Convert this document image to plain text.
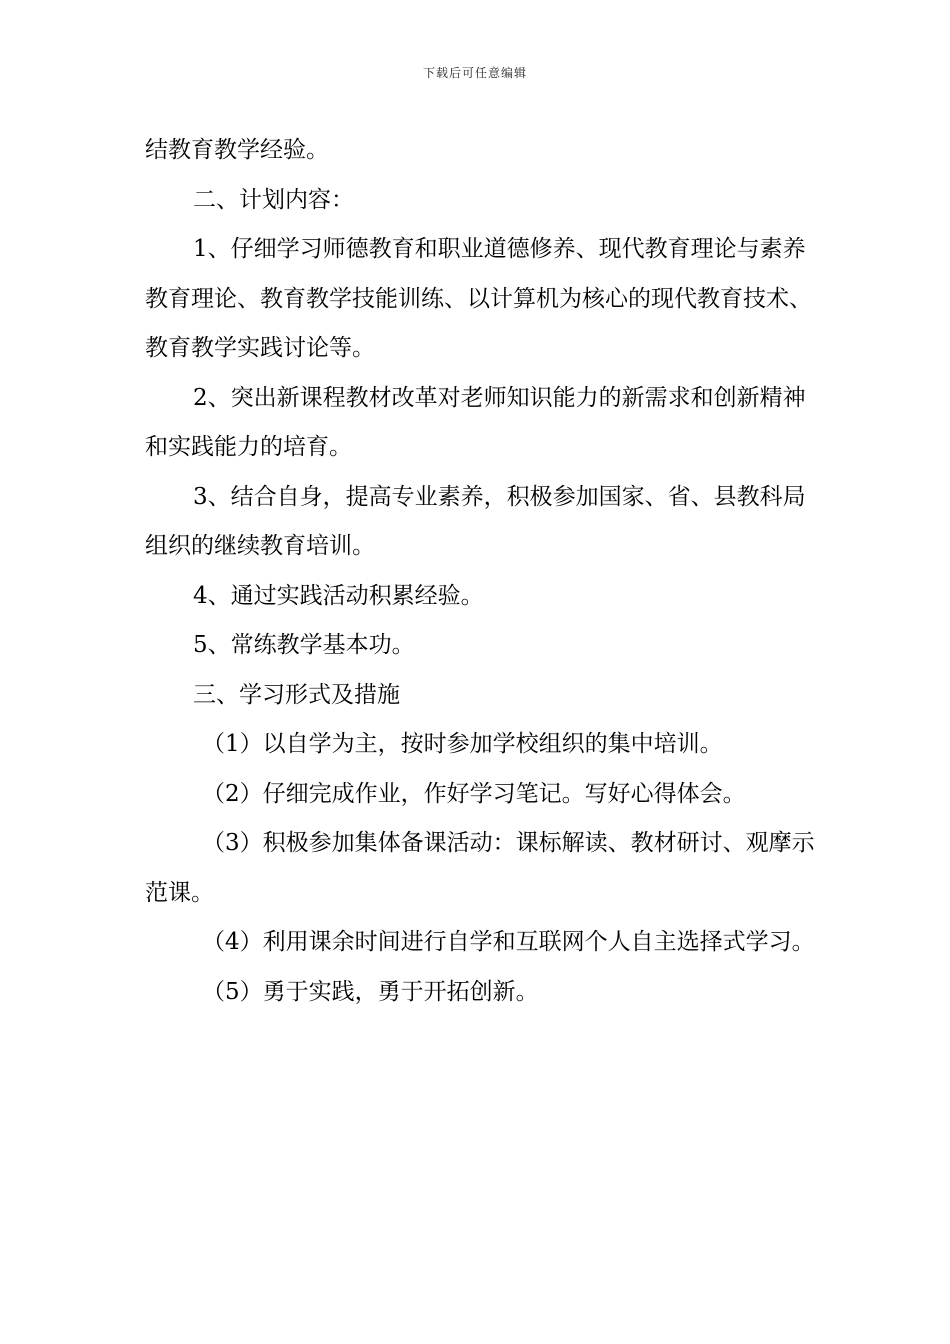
下载后可任意编辑

结教育教学经验。

二、计划内容：

1、仔细学习师德教育和职业道德修养、现代教育理论与素养教育理论、教育教学技能训练、以计算机为核心的现代教育技术、教育教学实践讨论等。

2、突出新课程教材改革对老师知识能力的新需求和创新精神和实践能力的培育。

3、结合自身，提高专业素养，积极参加国家、省、县教科局组织的继续教育培训。

4、通过实践活动积累经验。

5、常练教学基本功。

三、学习形式及措施

（1）以自学为主，按时参加学校组织的集中培训。

（2）仔细完成作业，作好学习笔记。写好心得体会。

（3）积极参加集体备课活动：课标解读、教材研讨、观摩示范课。

（4）利用课余时间进行自学和互联网个人自主选择式学习。

（5）勇于实践，勇于开拓创新。
